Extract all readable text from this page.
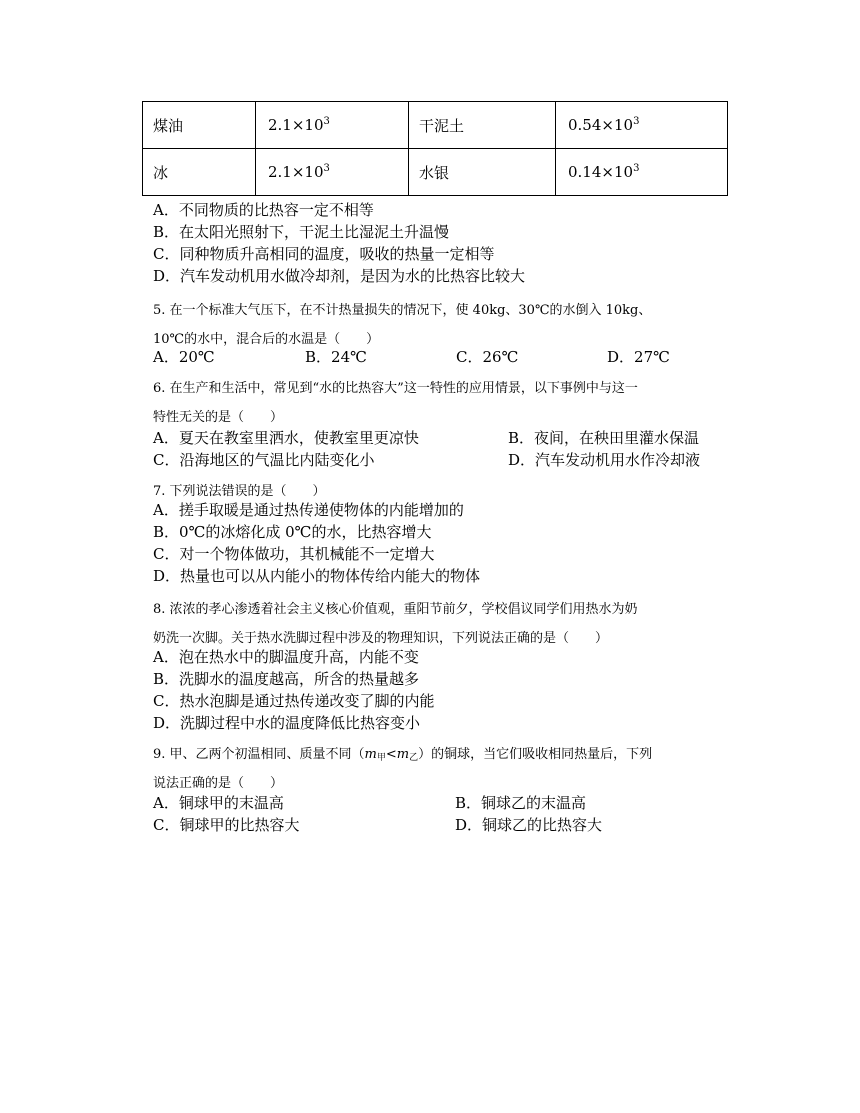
煤油	$2.1\times 10^3$	干泥土	$0.54\times 10^3$
冰	$2.1\times 10^3$	水银	$0.14\times 10^3$
A．不同物质的比热容一定不相等
B．在太阳光照射下，干泥土比湿泥土升温慢
C．同种物质升高相同的温度，吸收的热量一定相等
D．汽车发动机用水做冷却剂，是因为水的比热容比较大
5. 在一个标准大气压下，在不计热量损失的情况下，使 40kg、30℃的水倒入 10kg、
10℃的水中，混合后的水温是（　　）
A．20℃	B．24℃	C．26℃	D．27℃
6. 在生产和生活中，常见到“水的比热容大”这一特性的应用情景，以下事例中与这一
特性无关的是（　　）
A．夏天在教室里洒水，使教室里更凉快	B．夜间，在秧田里灌水保温
C．沿海地区的气温比内陆变化小	D．汽车发动机用水作冷却液
7. 下列说法错误的是（　　）
A．搓手取暖是通过热传递使物体的内能增加的
B．0℃的冰熔化成 0℃的水，比热容增大
C．对一个物体做功，其机械能不一定增大
D．热量也可以从内能小的物体传给内能大的物体
8. 浓浓的孝心渗透着社会主义核心价值观，重阳节前夕，学校倡议同学们用热水为奶
奶洗一次脚。关于热水洗脚过程中涉及的物理知识，下列说法正确的是（　　）
A．泡在热水中的脚温度升高，内能不变
B．洗脚水的温度越高，所含的热量越多
C．热水泡脚是通过热传递改变了脚的内能
D．洗脚过程中水的温度降低比热容变小
9. 甲、乙两个初温相同、质量不同$(m_甲<m_乙)$的铜球，当它们吸收相同热量后，下列
说法正确的是（　　）
A．铜球甲的末温高	B．铜球乙的末温高
C．铜球甲的比热容大	D．铜球乙的比热容大
